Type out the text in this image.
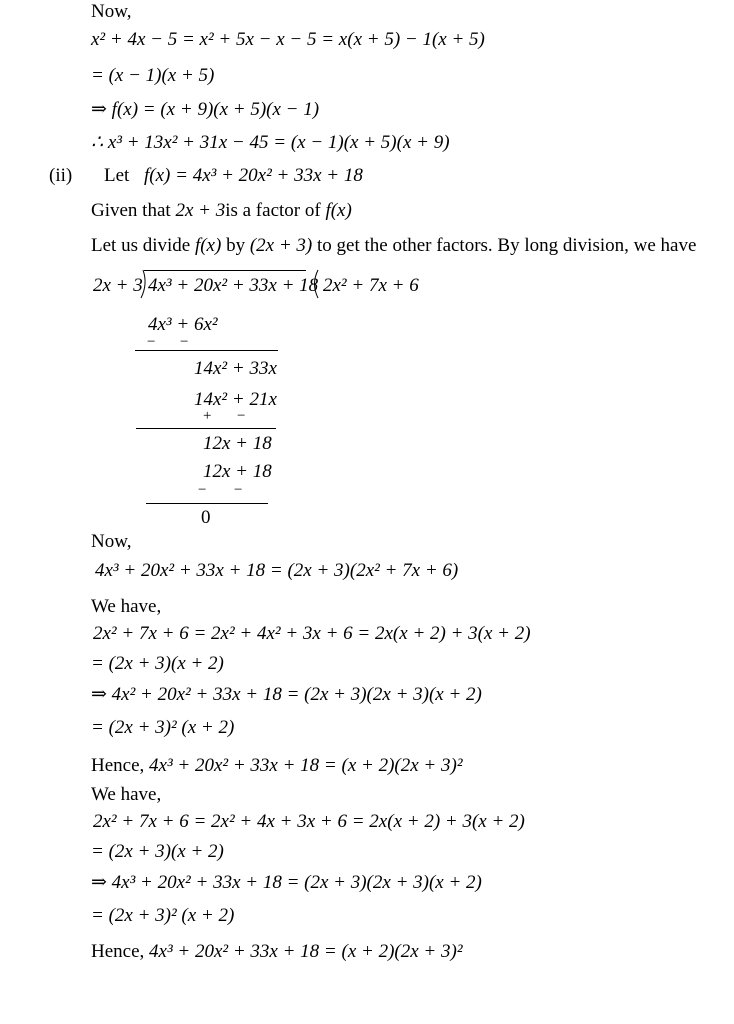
Now,
x² + 4x − 5 = x² + 5x − x − 5 = x(x + 5) − 1(x + 5)
= (x − 1)(x + 5)
⇒ f(x) = (x + 9)(x + 5)(x − 1)
∴ x³ + 13x² + 31x − 45 = (x − 1)(x + 5)(x + 9)
(ii) Let f(x) = 4x³ + 20x² + 33x + 18
Given that 2x + 3is a factor of f(x)
Let us divide f(x) by (2x + 3) to get the other factors. By long division, we have
2x + 3 4x³ + 20x² + 33x + 18 2x² + 7x + 6
4x³ + 6x²
− −
14x² + 33x
14x² + 21x
+ −
12x + 18
12x + 18
− −
0
Now,
4x³ + 20x² + 33x + 18 = (2x + 3)(2x² + 7x + 6)
We have,
2x² + 7x + 6 = 2x² + 4x² + 3x + 6 = 2x(x + 2) + 3(x + 2)
= (2x + 3)(x + 2)
⇒ 4x² + 20x² + 33x + 18 = (2x + 3)(2x + 3)(x + 2)
= (2x + 3)² (x + 2)
Hence, 4x³ + 20x² + 33x + 18 = (x + 2)(2x + 3)²
We have,
2x² + 7x + 6 = 2x² + 4x + 3x + 6 = 2x(x + 2) + 3(x + 2)
= (2x + 3)(x + 2)
⇒ 4x³ + 20x² + 33x + 18 = (2x + 3)(2x + 3)(x + 2)
= (2x + 3)² (x + 2)
Hence, 4x³ + 20x² + 33x + 18 = (x + 2)(2x + 3)²
